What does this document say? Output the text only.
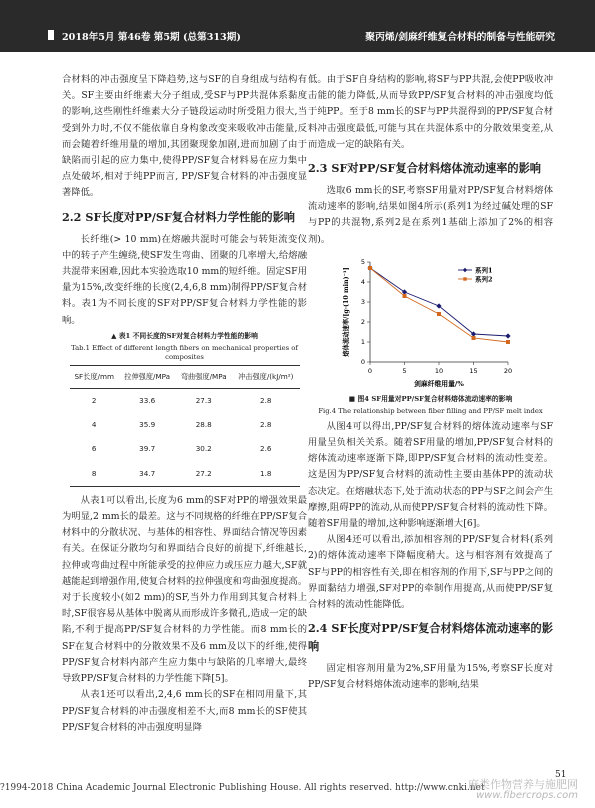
2018年5月 第46卷 第5期 (总第313期)	聚丙烯/剑麻纤维复合材料的制备与性能研究

合材料的冲击强度呈下降趋势,这与SF的自身组成与结构有关。SF主要由纤维素大分子组成,受SF与PP共混体系黏度的影响,这些刚性纤维素大分子链段运动时所受阻力很大,当受到外力时,不仅不能依靠自身构象改变来吸收冲击能量,反而会随着纤维用量的增加,其团聚现象加剧,进而加剧了由于缺陷而引起的应力集中,使得PP/SF复合材料易在应力集中点处破坏,相对于纯PP而言, PP/SF复合材料的冲击强度显著降低。

2.2 SF长度对PP/SF复合材料力学性能的影响

长纤维(> 10 mm)在熔融共混时可能会与转矩流变仪中的转子产生缠绕,使SF发生弯曲、团聚的几率增大,给熔融共混带来困难,因此本实验选取10 mm的短纤维。固定SF用量为15%,改变纤维的长度(2,4,6,8 mm)制得PP/SF复合材料。表1为不同长度的SF对PP/SF复合材料力学性能的影响。

▲ 表1 不同长度的SF对复合材料力学性能的影响
Tab.1 Effect of different length fibers on mechanical properties of composites
SF长度/mm	拉伸强度/MPa	弯曲强度/MPa	冲击强度/(kJ/m²)
2	33.6	27.3	2.8
4	35.9	28.8	2.8
6	39.7	30.2	2.6
8	34.7	27.2	1.8

从表1可以看出,长度为6 mm的SF对PP的增强效果最为明显,2 mm长的最差。这与不同规格的纤维在PP/SF复合材料中的分散状况、与基体的相容性、界面结合情况等因素有关。在保证分散均匀和界面结合良好的前提下,纤维越长,拉伸或弯曲过程中所能承受的拉伸应力或压应力越大,SF就越能起到增强作用,使复合材料的拉伸强度和弯曲强度提高。对于长度较小(如2 mm)的SF,当外力作用到其复合材料上时,SF很容易从基体中脱离从而形成许多微孔,造成一定的缺陷,不利于提高PP/SF复合材料的力学性能。而8 mm长的SF在复合材料中的分散效果不及6 mm及以下的纤维,使得PP/SF复合材料内部产生应力集中与缺陷的几率增大,最终导致PP/SF复合材料的力学性能下降[5]。

从表1还可以看出,2,4,6 mm长的SF在相同用量下,其PP/SF复合材料的冲击强度相差不大,而8 mm长的SF使其PP/SF复合材料的冲击强度明显降

低。由于SF自身结构的影响,将SF与PP共混,会使PP吸收冲击能的能力降低,从而导致PP/SF复合材料的冲击强度均低于纯PP。至于8 mm长的SF与PP共混得到的PP/SF复合材料冲击强度最低,可能与其在共混体系中的分散效果变差,从而造成一定的缺陷有关。

2.3 SF对PP/SF复合材料熔体流动速率的影响

选取6 mm长的SF,考察SF用量对PP/SF复合材料熔体流动速率的影响,结果如图4所示(系列1为经过碱处理的SF与PP的共混物,系列2是在系列1基础上添加了2%的相容剂)。

0	5	10	15	20
0
1
2
3
4
5
剑麻纤维用量/%
熔体流动速率/[g·(10 min)⁻¹]	系列1
系列2
■ 图4 SF用量对PP/SF复合材料熔体流动速率的影响
Fig.4 The relationship between fiber filling and PP/SF melt index

从图4可以得出,PP/SF复合材料的熔体流动速率与SF用量呈负相关关系。随着SF用量的增加,PP/SF复合材料的熔体流动速率逐渐下降,即PP/SF复合材料的流动性变差。这是因为PP/SF复合材料的流动性主要由基体PP的流动状态决定。在熔融状态下,处于流动状态的PP与SF之间会产生摩擦,阻碍PP的流动,从而使PP/SF复合材料的流动性下降。随着SF用量的增加,这种影响逐渐增大[6]。

从图4还可以看出,添加相容剂的PP/SF复合材料(系列2)的熔体流动速率下降幅度稍大。这与相容剂有效提高了SF与PP的相容性有关,即在相容剂的作用下,SF与PP之间的界面黏结力增强,SF对PP的牵制作用提高,从而使PP/SF复合材料的流动性能降低。

2.4 SF长度对PP/SF复合材料熔体流动速率的影响

固定相容剂用量为2%,SF用量为15%,考察SF长度对PP/SF复合材料熔体流动速率的影响,结果

?1994-2018 China Academic Journal Electronic Publishing House. All rights reserved. http://www.cnki.net
麻类作物营养与施肥网
www.fibercrops.com
51
